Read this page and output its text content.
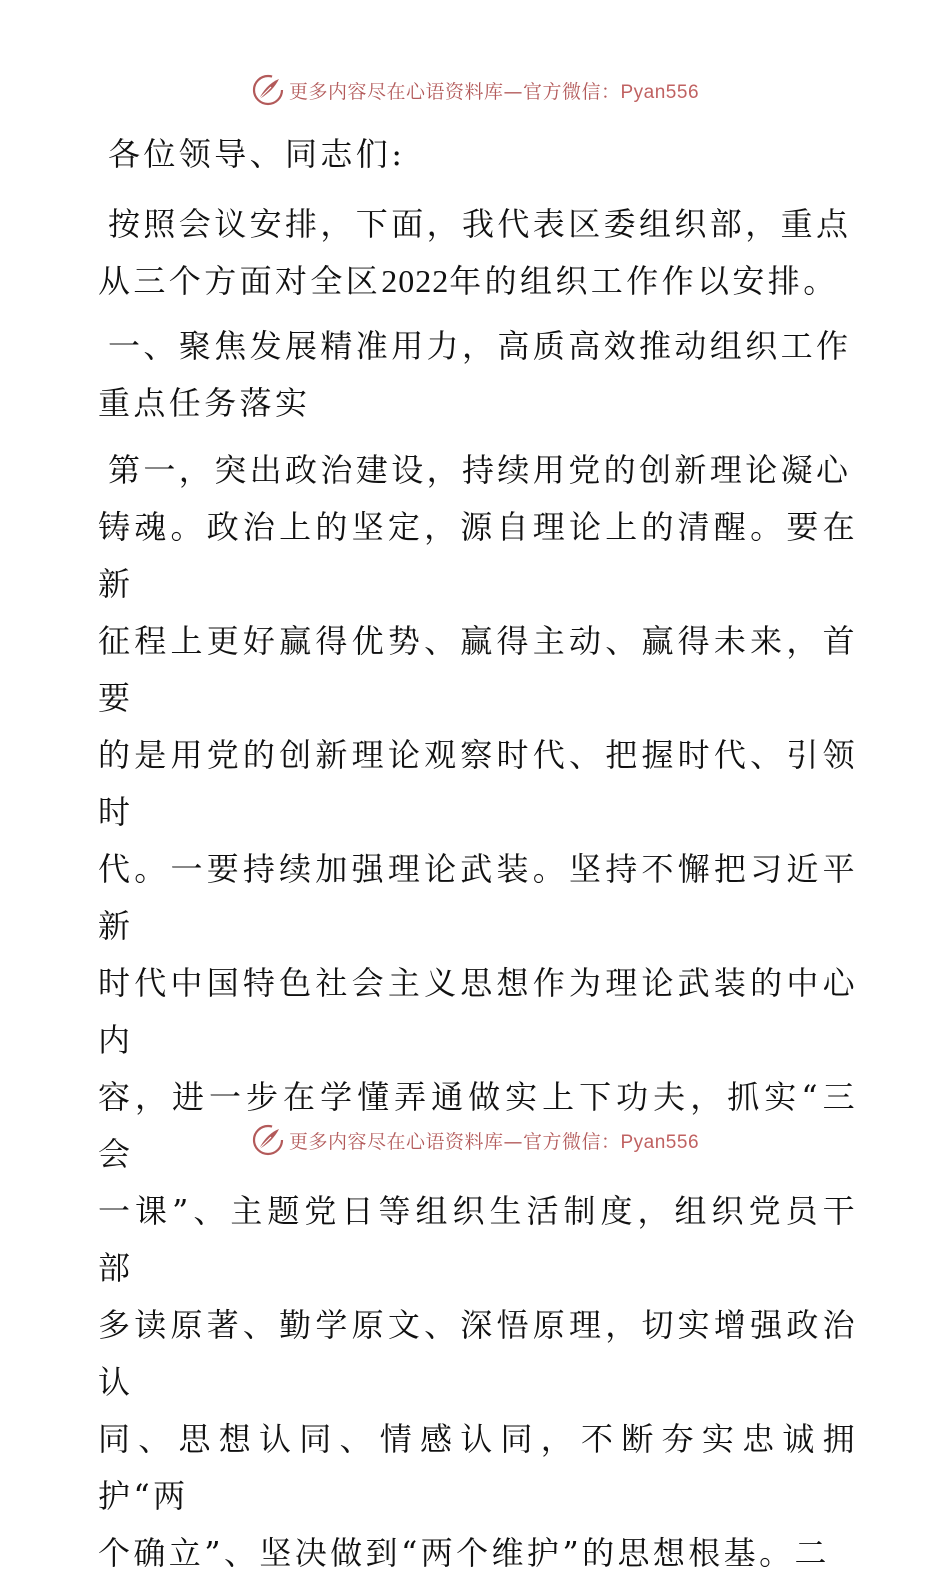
更多内容尽在心语资料库—官方微信：Pyan556

各位领导、同志们:

按照会议安排，下面，我代表区委组织部，重点
从三个方面对全区2022年的组织工作作以安排。
一、聚焦发展精准用力，高质高效推动组织工作
重点任务落实
第一，突出政治建设，持续用党的创新理论凝心
铸魂。政治上的坚定，源自理论上的清醒。要在新
征程上更好赢得优势、赢得主动、赢得未来，首要
的是用党的创新理论观察时代、把握时代、引领时
代。一要持续加强理论武装。坚持不懈把习近平新
时代中国特色社会主义思想作为理论武装的中心内
容，进一步在学懂弄通做实上下功夫，抓实“三会
一课”、主题党日等组织生活制度，组织党员干部
多读原著、勤学原文、深悟原理，切实增强政治认
同、思想认同、情感认同，不断夯实忠诚拥护“两
个确立”、坚决做到“两个维护”的思想根基。二
更多内容尽在心语资料库—官方微信：Pyan556
